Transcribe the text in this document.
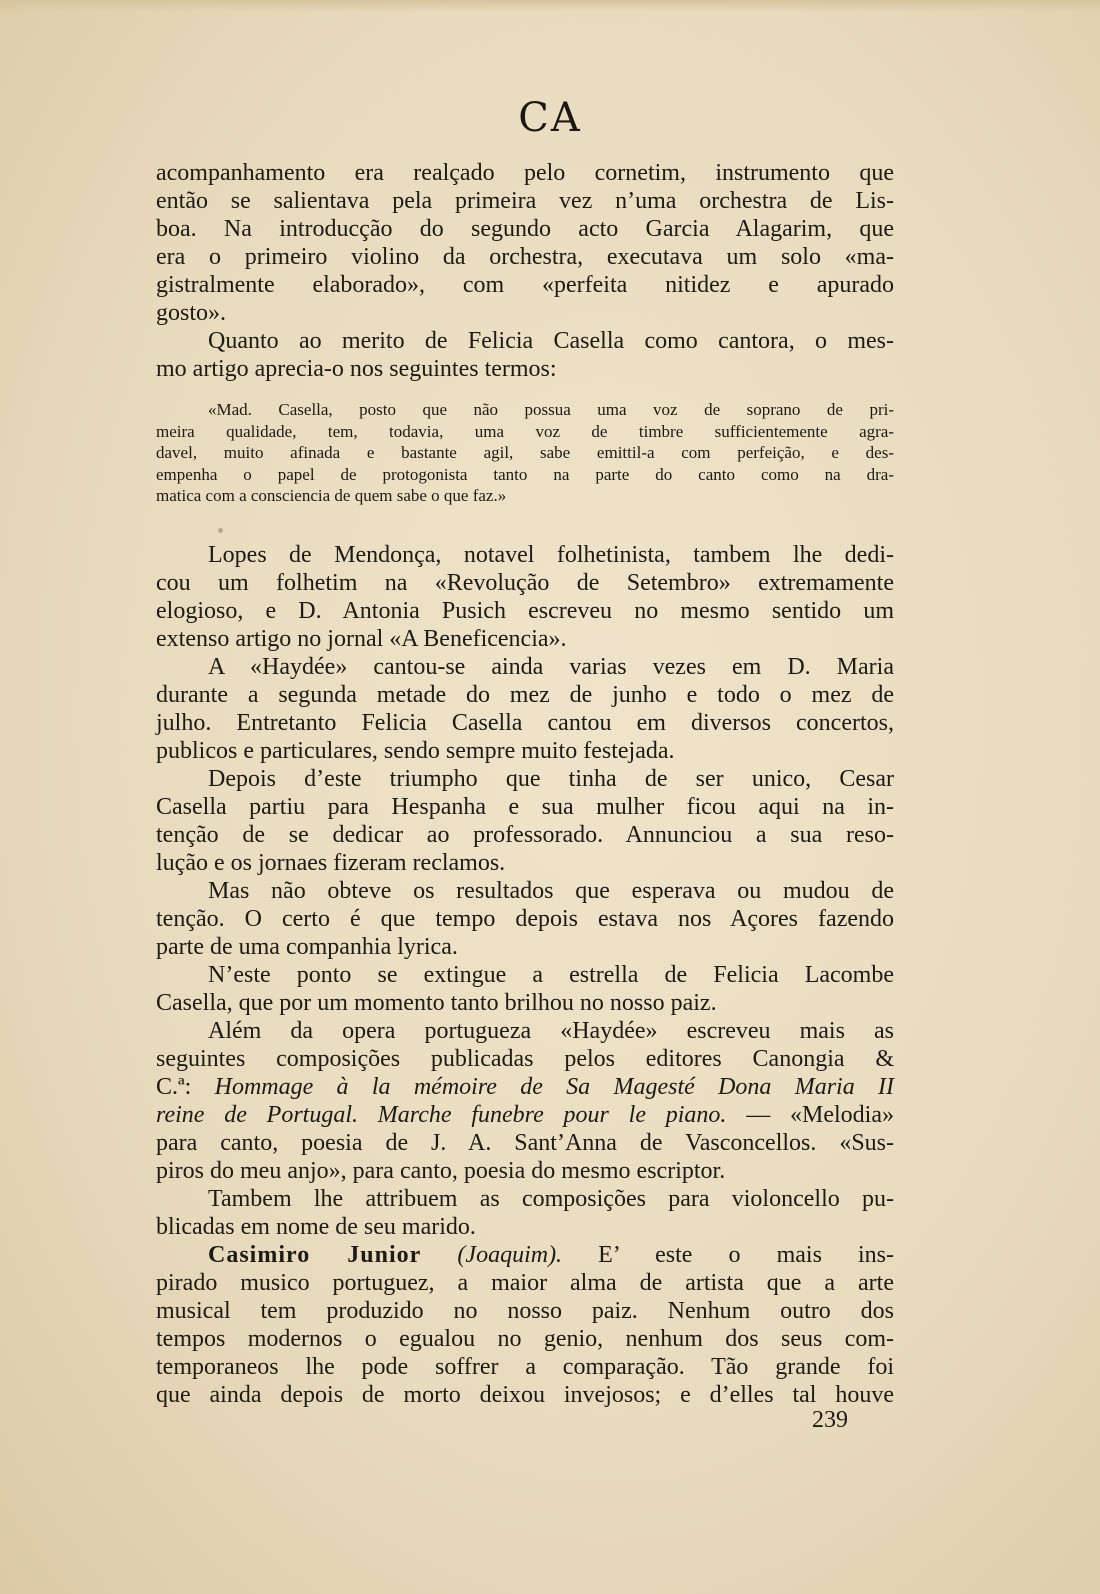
CA

acompanhamento era realçado pelo cornetim, instrumento que
então se salientava pela primeira vez n’uma orchestra de Lis-
boa. Na introducção do segundo acto Garcia Alagarim, que
era o primeiro violino da orchestra, executava um solo «ma-
gistralmente elaborado», com «perfeita nitidez e apurado
gosto».

Quanto ao merito de Felicia Casella como cantora, o mes-
mo artigo aprecia-o nos seguintes termos:

«Mad. Casella, posto que não possua uma voz de soprano de pri-
meira qualidade, tem, todavia, uma voz de timbre sufficientemente agra-
davel, muito afinada e bastante agil, sabe emittil-a com perfeição, e des-
empenha o papel de protogonista tanto na parte do canto como na dra-
matica com a consciencia de quem sabe o que faz.»

Lopes de Mendonça, notavel folhetinista, tambem lhe dedi-
cou um folhetim na «Revolução de Setembro» extremamente
elogioso, e D. Antonia Pusich escreveu no mesmo sentido um
extenso artigo no jornal «A Beneficencia».

A «Haydée» cantou-se ainda varias vezes em D. Maria
durante a segunda metade do mez de junho e todo o mez de
julho. Entretanto Felicia Casella cantou em diversos concertos,
publicos e particulares, sendo sempre muito festejada.

Depois d’este triumpho que tinha de ser unico, Cesar
Casella partiu para Hespanha e sua mulher ficou aqui na in-
tenção de se dedicar ao professorado. Annunciou a sua reso-
lução e os jornaes fizeram reclamos.

Mas não obteve os resultados que esperava ou mudou de
tenção. O certo é que tempo depois estava nos Açores fazendo
parte de uma companhia lyrica.

N’este ponto se extingue a estrella de Felicia Lacombe
Casella, que por um momento tanto brilhou no nosso paiz.

Além da opera portugueza «Haydée» escreveu mais as
seguintes composições publicadas pelos editores Canongia &
C.ª: Hommage à la mémoire de Sa Magesté Dona Maria II
reine de Portugal. Marche funebre pour le piano. — «Melodia»
para canto, poesia de J. A. Sant’Anna de Vasconcellos. «Sus-
piros do meu anjo», para canto, poesia do mesmo escriptor.

Tambem lhe attribuem as composições para violoncello pu-
blicadas em nome de seu marido.

Casimiro Junior (Joaquim). E’ este o mais ins-
pirado musico portuguez, a maior alma de artista que a arte
musical tem produzido no nosso paiz. Nenhum outro dos
tempos modernos o egualou no genio, nenhum dos seus com-
temporaneos lhe pode soffrer a comparação. Tão grande foi
que ainda depois de morto deixou invejosos; e d’elles tal houve

239
